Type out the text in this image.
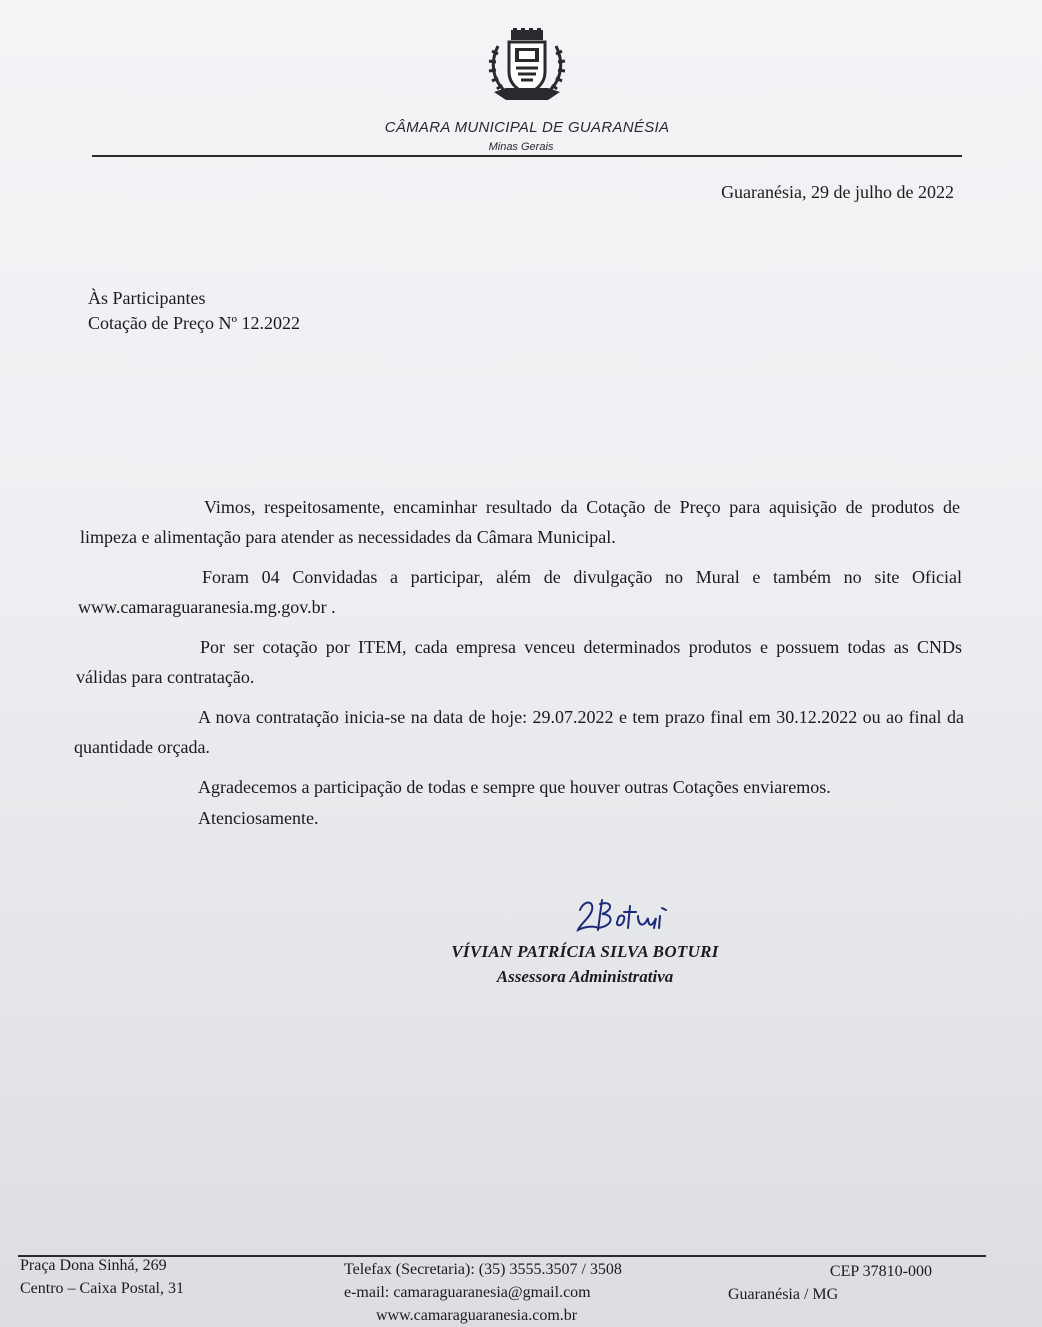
CÂMARA MUNICIPAL DE GUARANÉSIA
Minas Gerais
Guaranésia, 29 de julho de 2022
Às Participantes
Cotação de Preço Nº 12.2022

Vimos, respeitosamente, encaminhar resultado da Cotação de Preço para aquisição de produtos de limpeza e alimentação para atender as necessidades da Câmara Municipal.
Foram 04 Convidadas a participar, além de divulgação no Mural e também no site Oficial www.camaraguaranesia.mg.gov.br .
Por ser cotação por ITEM, cada empresa venceu determinados produtos e possuem todas as CNDs válidas para contratação.
A nova contratação inicia-se na data de hoje: 29.07.2022 e tem prazo final em 30.12.2022 ou ao final da quantidade orçada.
Agradecemos a participação de todas e sempre que houver outras Cotações enviaremos.
Atenciosamente.
VÍVIAN PATRÍCIA SILVA BOTURI
Assessora Administrativa
Praça Dona Sinhá, 269
Centro – Caixa Postal, 31
Telefax (Secretaria): (35) 3555.3507 / 3508
e-mail: camaraguaranesia@gmail.com
www.camaraguaranesia.com.br
CEP 37810-000
Guaranésia / MG
